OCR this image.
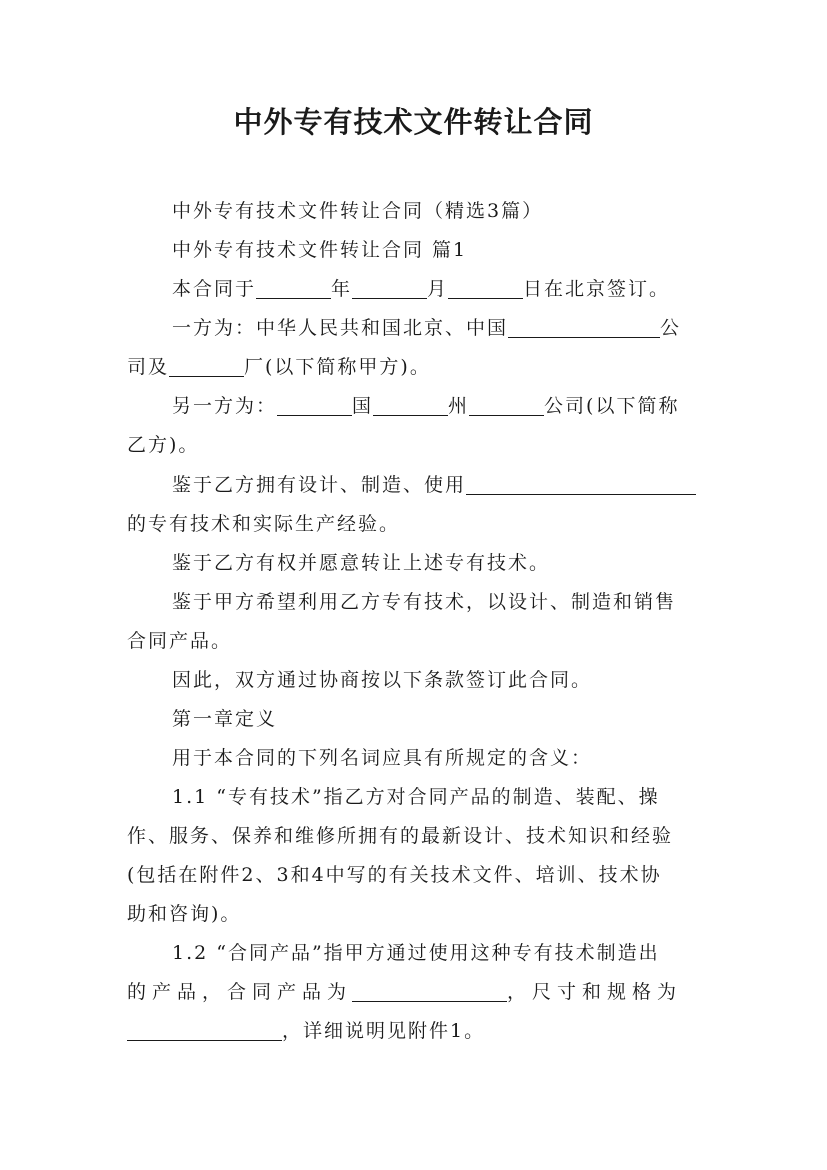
中外专有技术文件转让合同
中外专有技术文件转让合同（精选3篇）
中外专有技术文件转让合同 篇1
本合同于	年	月	日在北京签订。
一方为：中华人民共和国北京、中国	公
司及	厂(以下简称甲方)。
另一方为：	国	州	公司(以下简称
乙方)。
鉴于乙方拥有设计、制造、使用
的专有技术和实际生产经验。
鉴于乙方有权并愿意转让上述专有技术。
鉴于甲方希望利用乙方专有技术，以设计、制造和销售
合同产品。
因此，双方通过协商按以下条款签订此合同。
第一章定义
用于本合同的下列名词应具有所规定的含义：
1.1 “专有技术”指乙方对合同产品的制造、装配、操
作、服务、保养和维修所拥有的最新设计、技术知识和经验
(包括在附件2、3和4中写的有关技术文件、培训、技术协
助和咨询)。
1.2 “合同产品”指甲方通过使用这种专有技术制造出
的产品，合同产品为	，尺寸和规格为
，详细说明见附件1。
